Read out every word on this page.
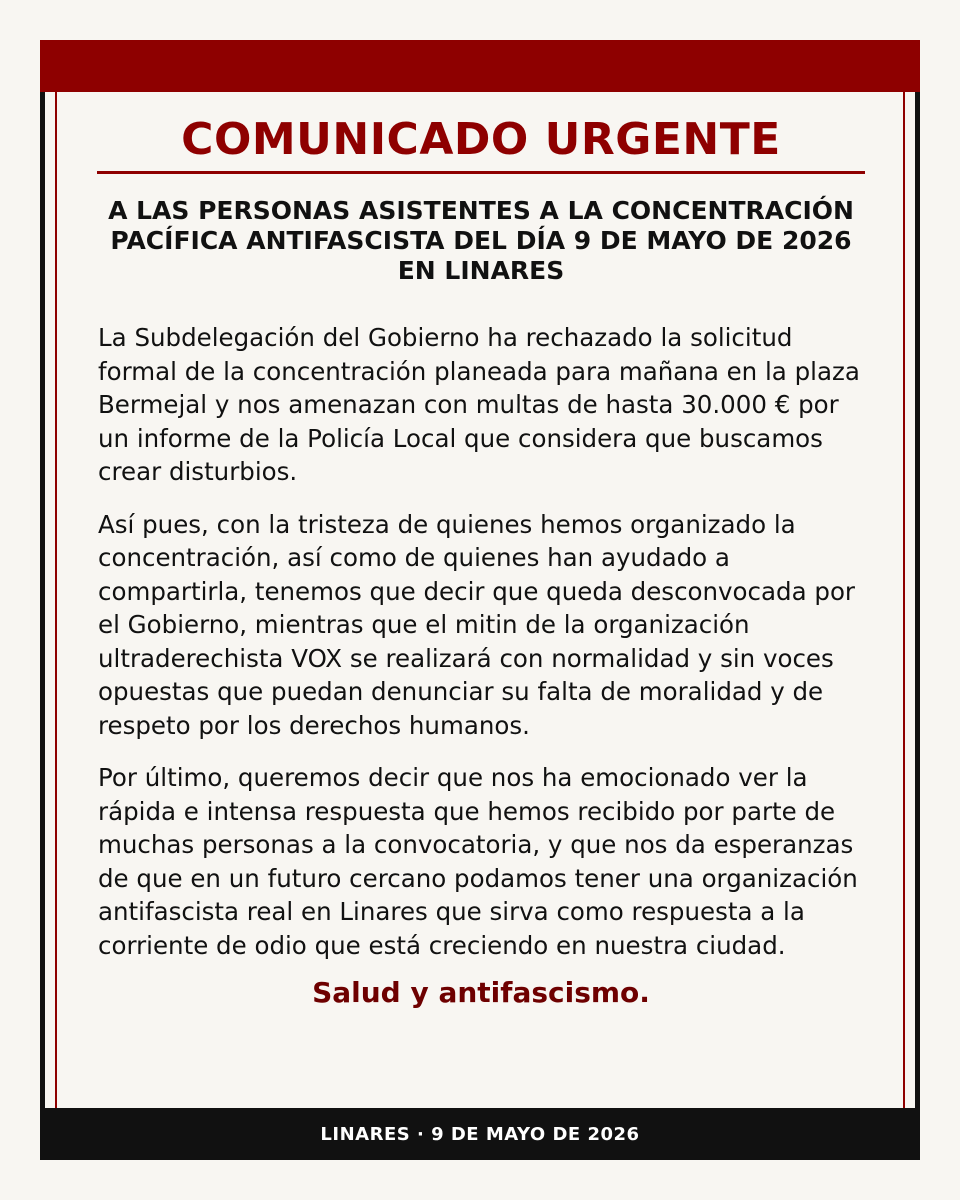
COMUNICADO URGENTE
A LAS PERSONAS ASISTENTES A LA CONCENTRACIÓN PACÍFICA ANTIFASCISTA DEL DÍA 9 DE MAYO DE 2026 EN LINARES

La Subdelegación del Gobierno ha rechazado la solicitud formal de la concentración planeada para mañana en la plaza Bermejal y nos amenazan con multas de hasta 30.000 € por un informe de la Policía Local que considera que buscamos crear disturbios.

Así pues, con la tristeza de quienes hemos organizado la concentración, así como de quienes han ayudado a compartirla, tenemos que decir que queda desconvocada por el Gobierno, mientras que el mitin de la organización ultraderechista VOX se realizará con normalidad y sin voces opuestas que puedan denunciar su falta de moralidad y de respeto por los derechos humanos.

Por último, queremos decir que nos ha emocionado ver la rápida e intensa respuesta que hemos recibido por parte de muchas personas a la convocatoria, y que nos da esperanzas de que en un futuro cercano podamos tener una organización antifascista real en Linares que sirva como respuesta a la corriente de odio que está creciendo en nuestra ciudad.

Salud y antifascismo.
LINARES · 9 DE MAYO DE 2026
